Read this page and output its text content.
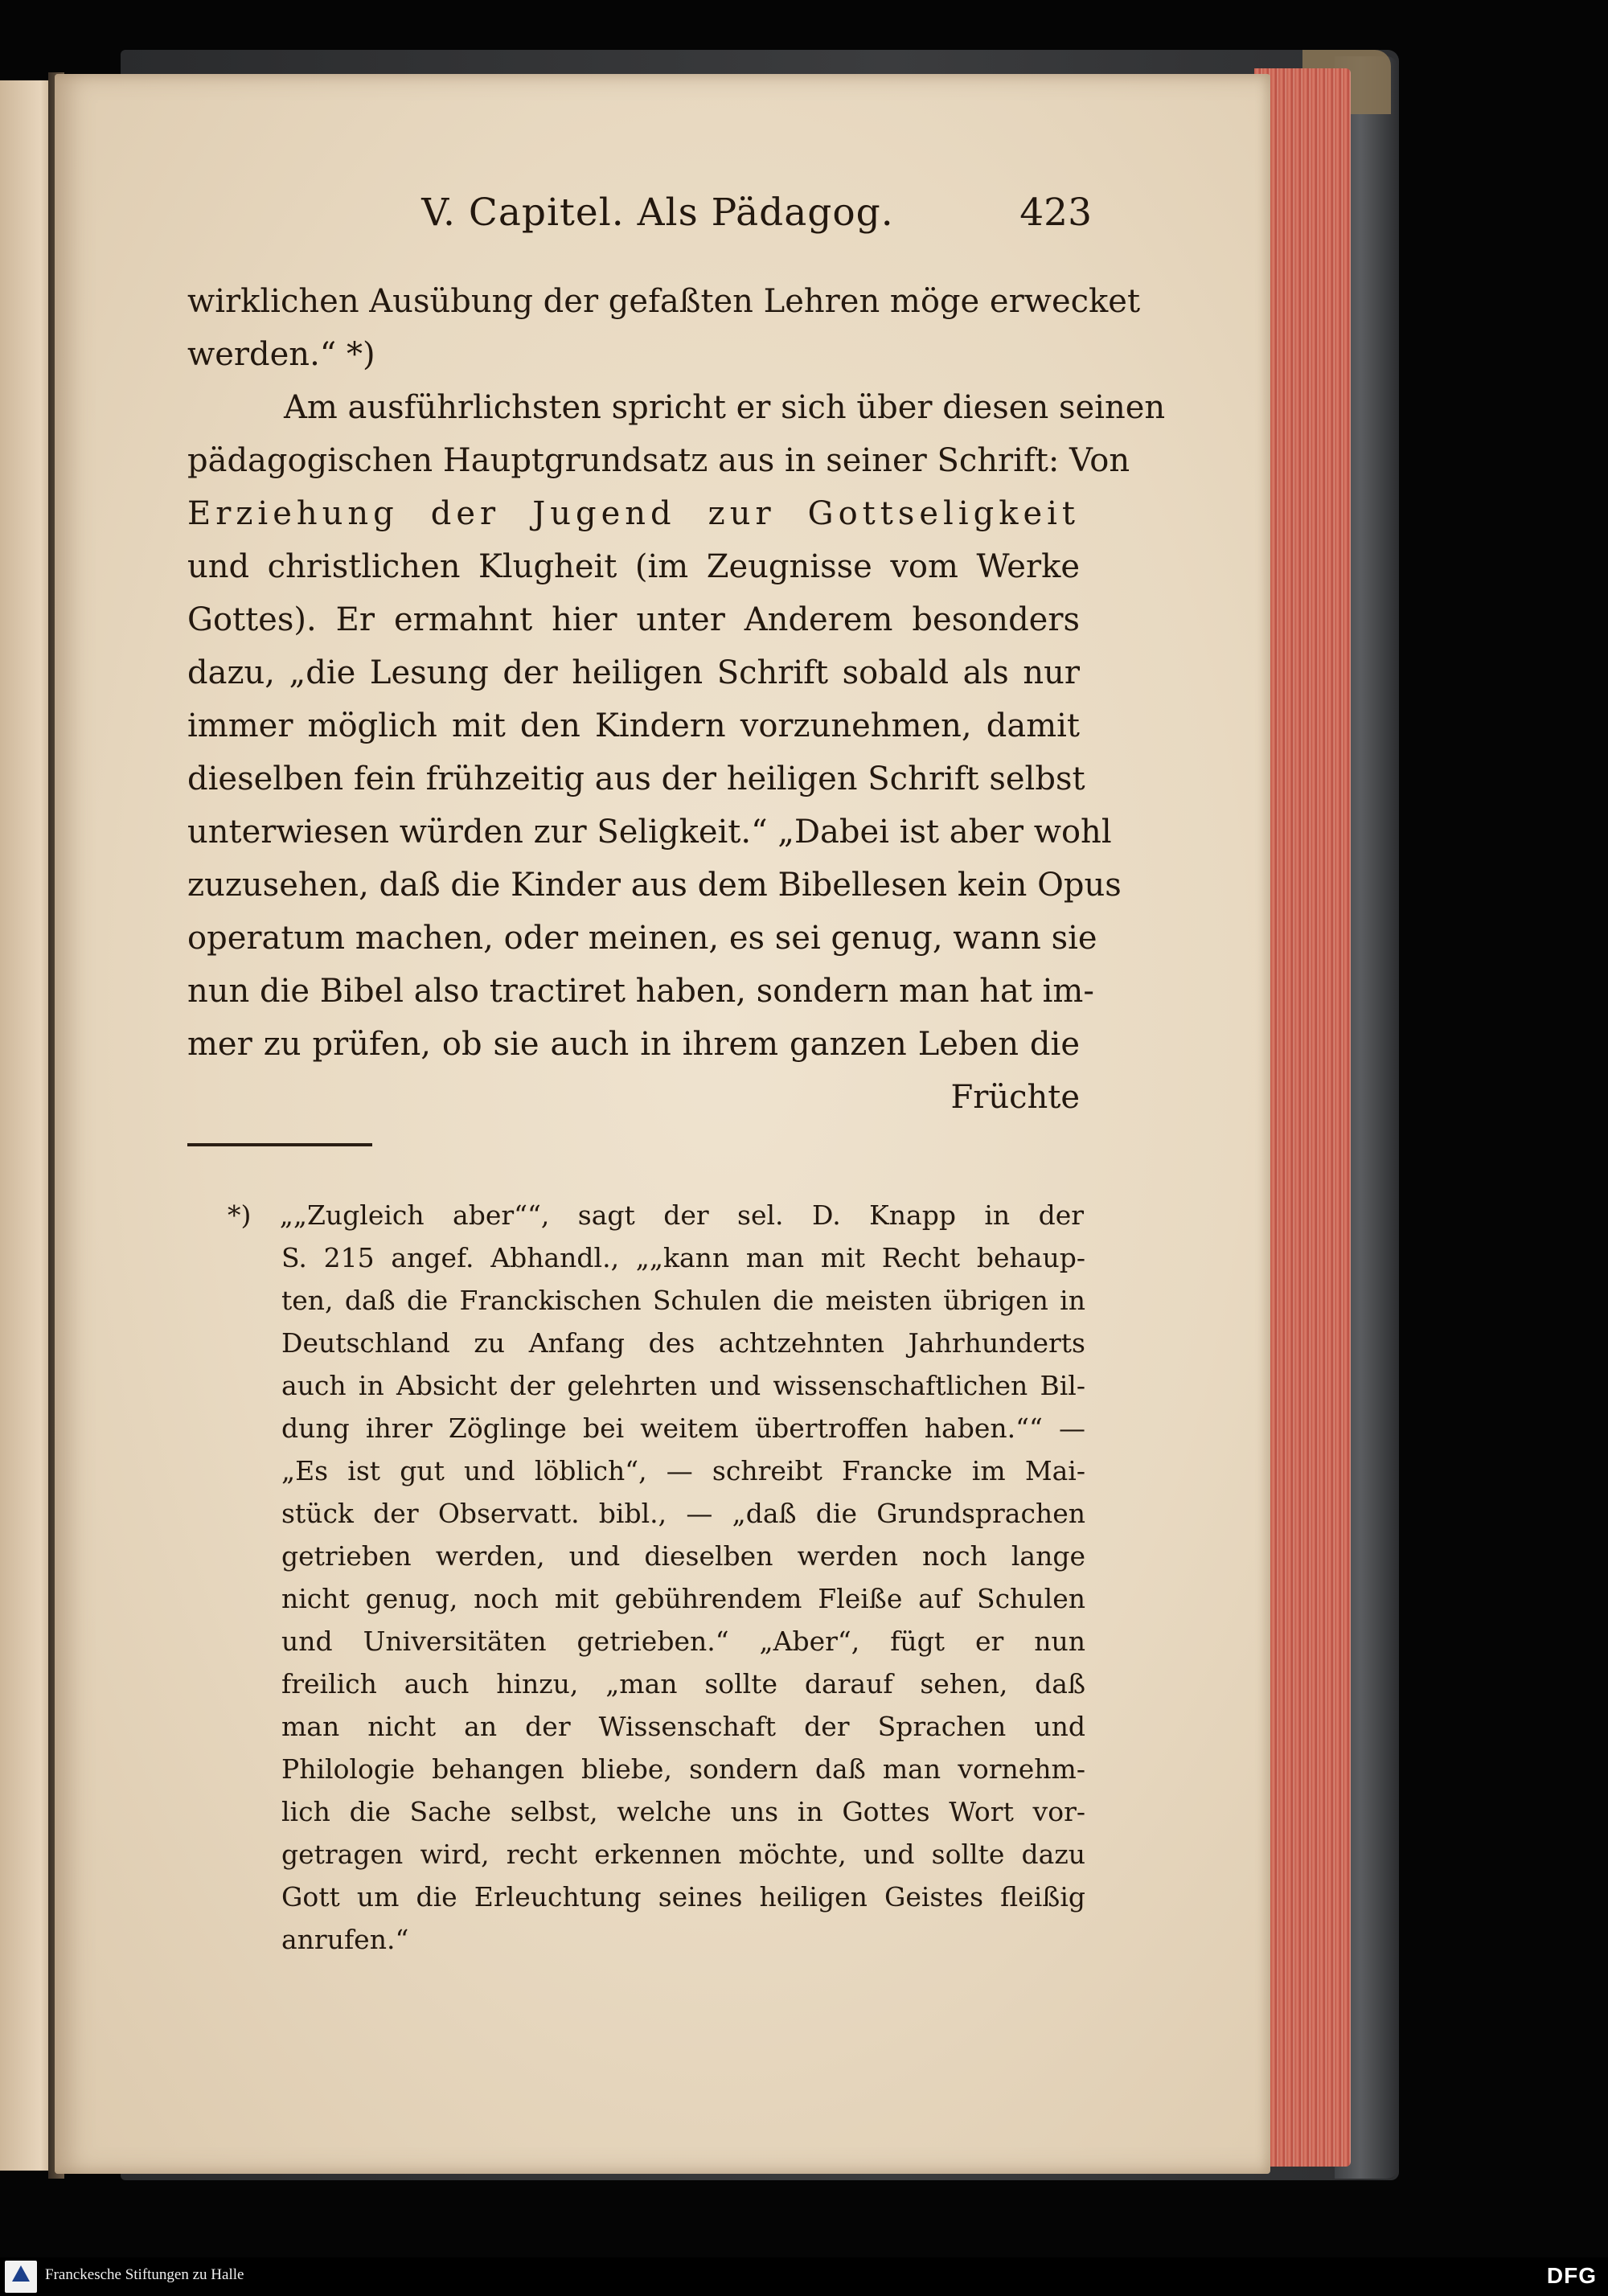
V. Capitel. Als Pädagog.	423
wirklichen Ausübung der gefaßten Lehren möge erwecket
werden.“ *)
Am ausführlichsten spricht er sich über diesen seinen
pädagogischen Hauptgrundsatz aus in seiner Schrift: Von
Erziehung der Jugend zur Gottseligkeit
und christlichen Klugheit (im Zeugnisse vom Werke
Gottes). Er ermahnt hier unter Anderem besonders
dazu, „die Lesung der heiligen Schrift sobald als nur
immer möglich mit den Kindern vorzunehmen, damit
dieselben fein frühzeitig aus der heiligen Schrift selbst
unterwiesen würden zur Seligkeit.“ „Dabei ist aber wohl
zuzusehen, daß die Kinder aus dem Bibellesen kein Opus
operatum machen, oder meinen, es sei genug, wann sie
nun die Bibel also tractiret haben, sondern man hat im-
mer zu prüfen, ob sie auch in ihrem ganzen Leben die
Früchte
*) „„Zugleich aber““, sagt der sel. D. Knapp in der
S. 215 angef. Abhandl., „„kann man mit Recht behaup-
ten, daß die Franckischen Schulen die meisten übrigen in
Deutschland zu Anfang des achtzehnten Jahrhunderts
auch in Absicht der gelehrten und wissenschaftlichen Bil-
dung ihrer Zöglinge bei weitem übertroffen haben.““ —
„Es ist gut und löblich“, — schreibt Francke im Mai-
stück der Observatt. bibl., — „daß die Grundsprachen
getrieben werden, und dieselben werden noch lange
nicht genug, noch mit gebührendem Fleiße auf Schulen
und Universitäten getrieben.“ „Aber“, fügt er nun
freilich auch hinzu, „man sollte darauf sehen, daß
man nicht an der Wissenschaft der Sprachen und
Philologie behangen bliebe, sondern daß man vornehm-
lich die Sache selbst, welche uns in Gottes Wort vor-
getragen wird, recht erkennen möchte, und sollte dazu
Gott um die Erleuchtung seines heiligen Geistes fleißig
anrufen.“
Franckesche Stiftungen zu Halle	DFG
